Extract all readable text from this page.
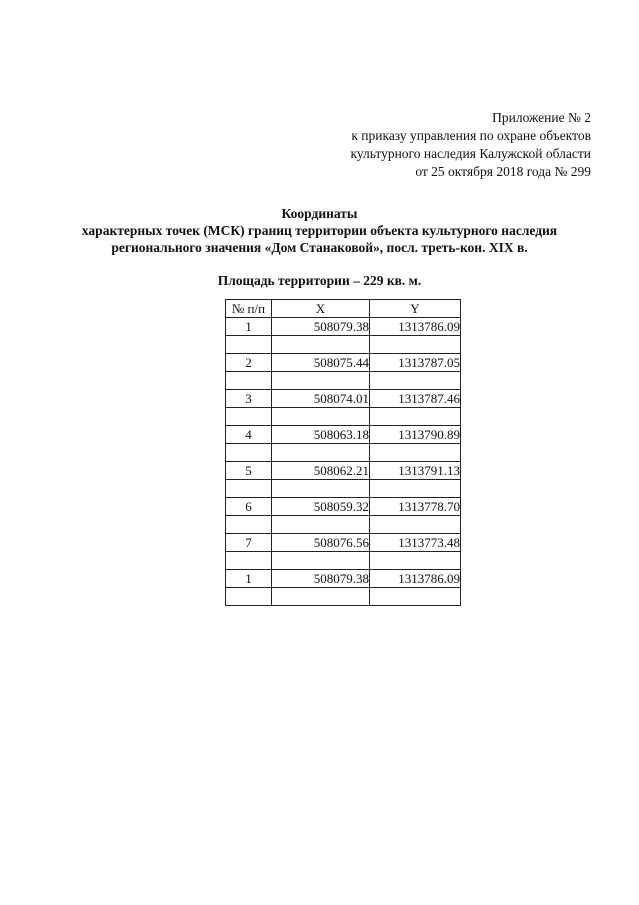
Приложение № 2
к приказу управления по охране объектов
культурного наследия Калужской области
от 25 октября 2018 года № 299
Координаты
характерных точек (МСК) границ территории объекта культурного наследия
регионального значения «Дом Станаковой», посл. треть-кон. XIX в.
Площадь территории – 229 кв. м.
№ п/п	X	Y
1	508079.38	1313786.09

2	508075.44	1313787.05

3	508074.01	1313787.46

4	508063.18	1313790.89

5	508062.21	1313791.13

6	508059.32	1313778.70

7	508076.56	1313773.48

1	508079.38	1313786.09
